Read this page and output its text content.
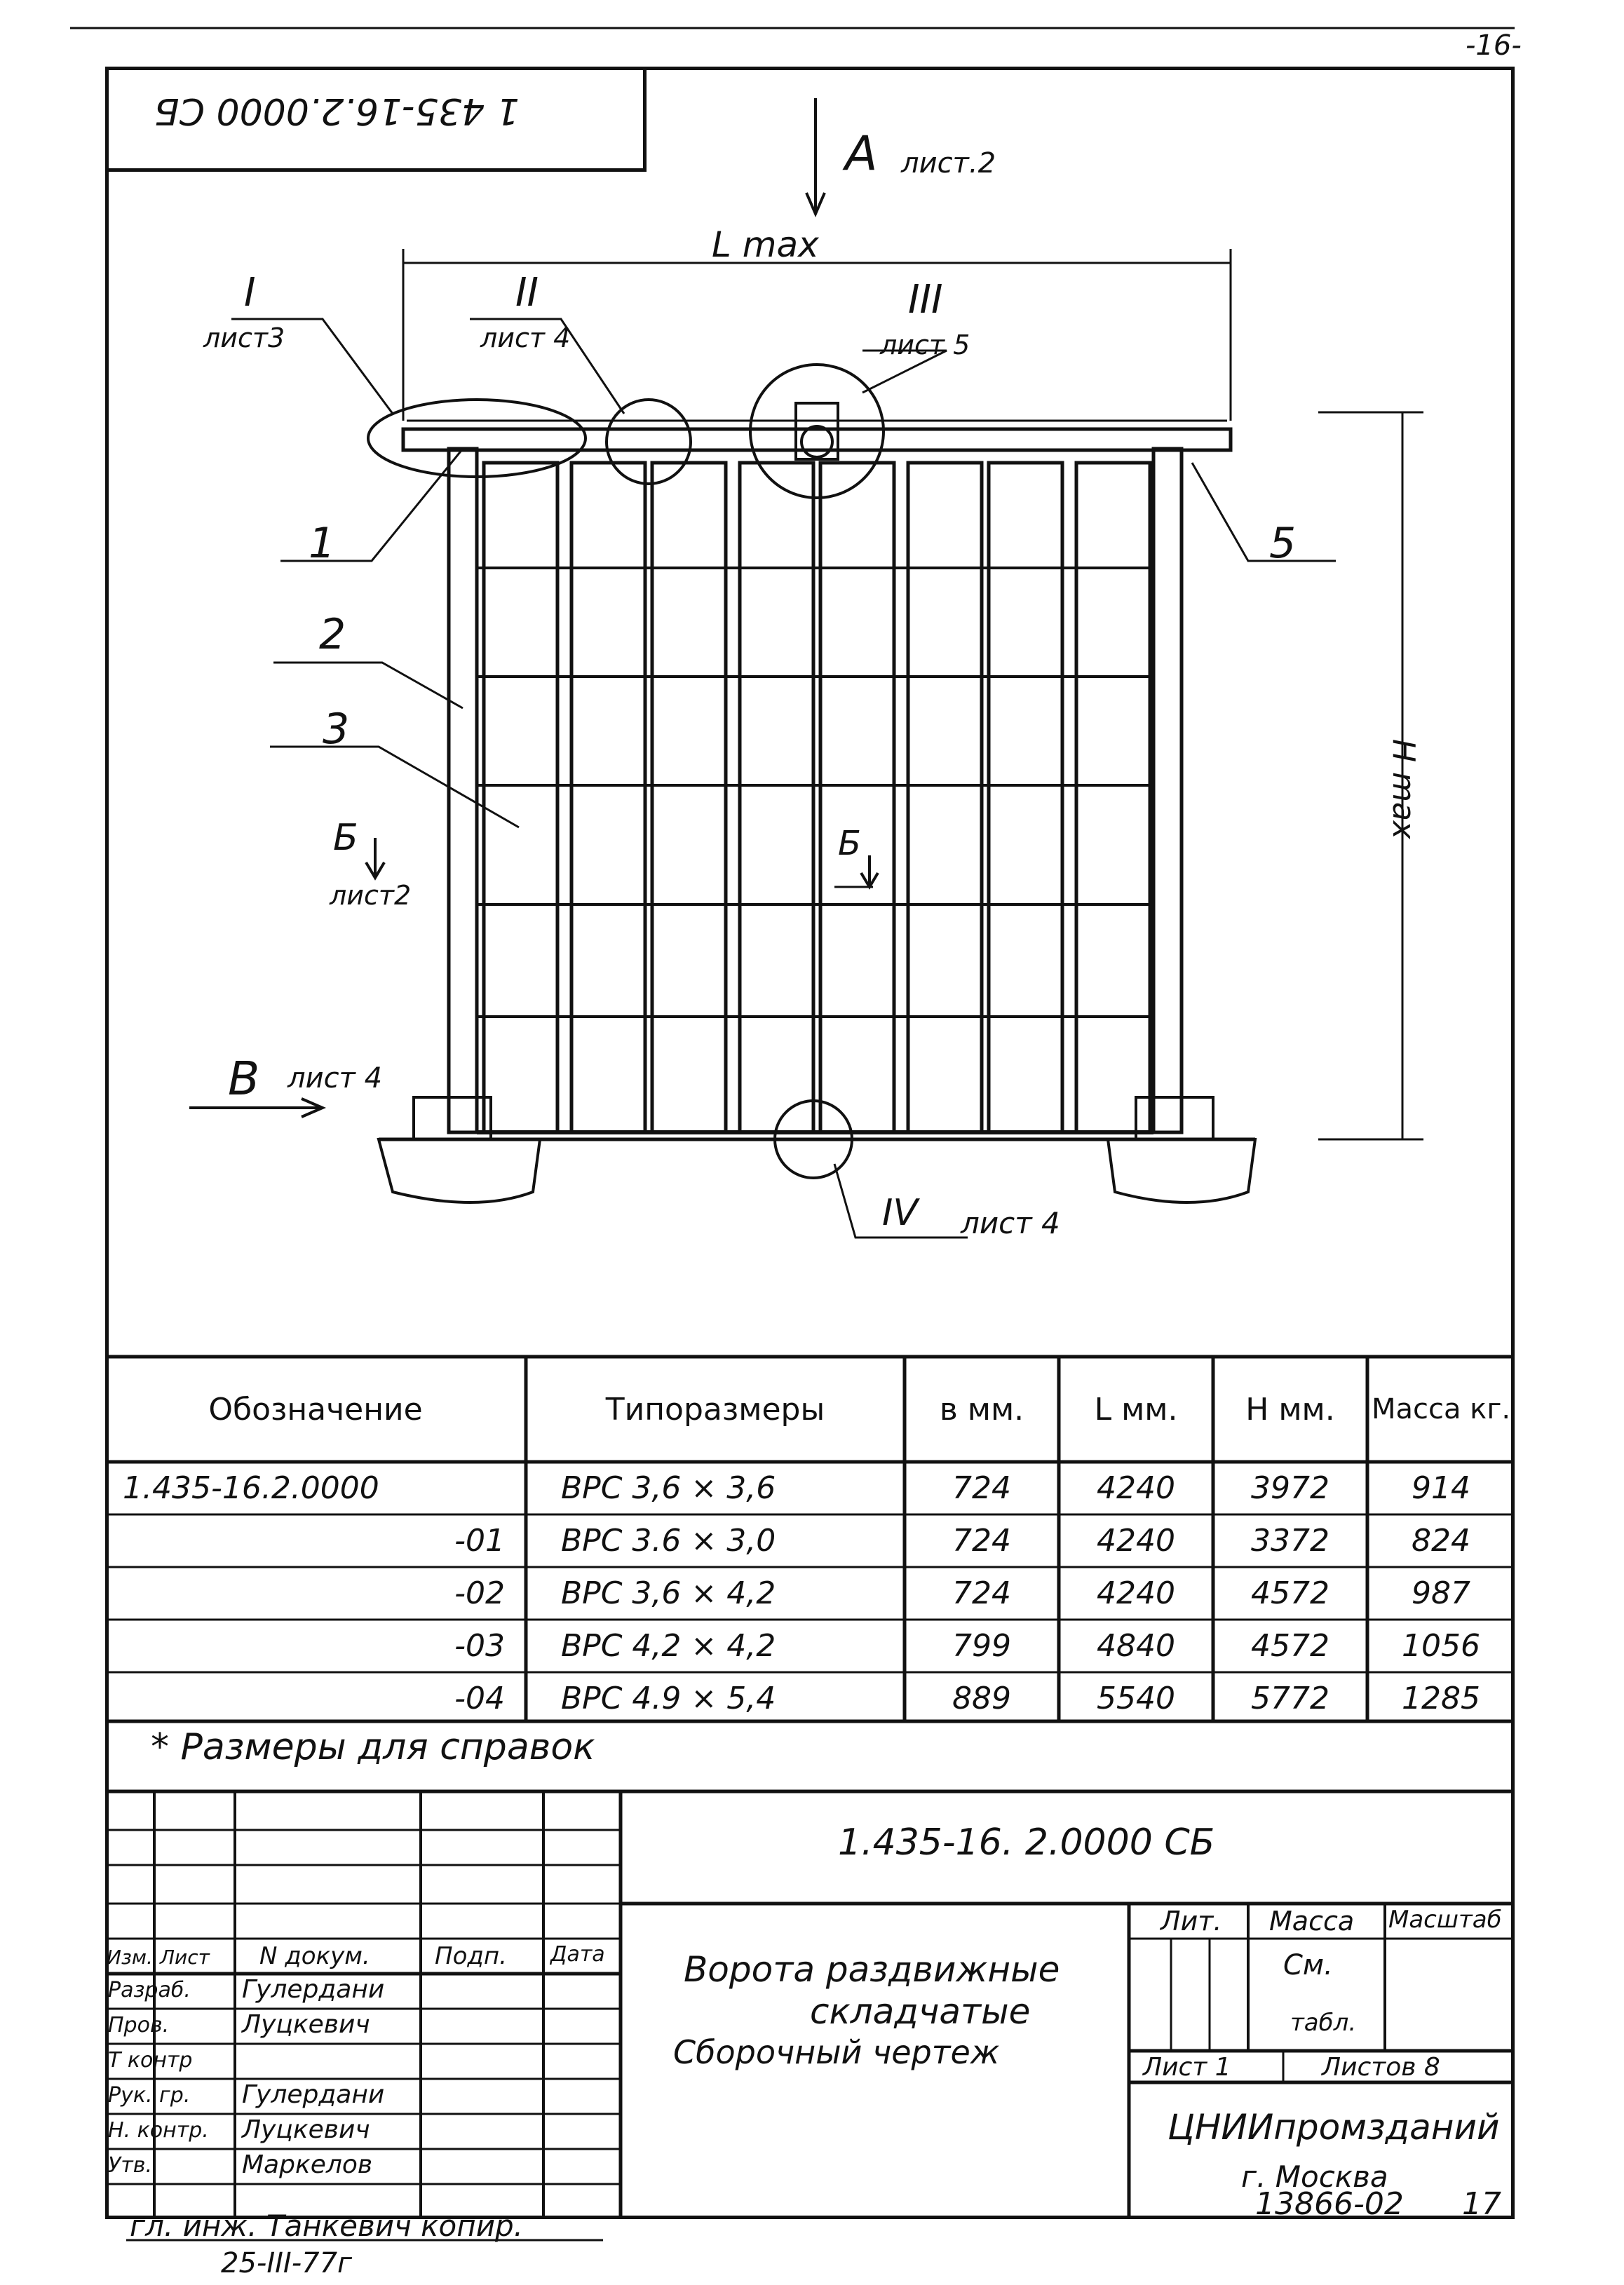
1 435-16.2.0000 СБ
-16-
A лист.2
L max
H max
I
лист3
II
лист 4
III
лист 5
IV лист 4
Б
лист2
Б
В лист 4
2
1
3
5
Обозначение	Типоразмеры	в мм.	L мм.	Н мм.	Масса кг.
1.435-16.2.0000	ВРС 3,6 × 3,6	724	4240	3972	914
-01	ВРС 3.6 × 3,0	724	4240	3372	824
-02	ВРС 3,6 × 4,2	724	4240	4572	987
-03	ВРС 4,2 × 4,2	799	4840	4572	1056
-04	ВРС 4.9 × 5,4	889	5540	5772	1285
* Размеры для справок
1.435-16. 2.0000 СБ
Ворота раздвижные
складчатые
Сборочный чертеж
Лит. Масса Масштаб
См.
табл.
Лист 1	Листов 8
ЦНИИпромзданий
г. Москва
Изм. Лист N докум.	Подп. Дата
Разраб. Гулердани
Пров.	Луцкевич
Т контр
Рук. гр. Гулердани
Н. контр. Луцкевич
Утв.	Маркелов
13866-02 17
гл. инж. Танкевич копир.
25-III-77г
